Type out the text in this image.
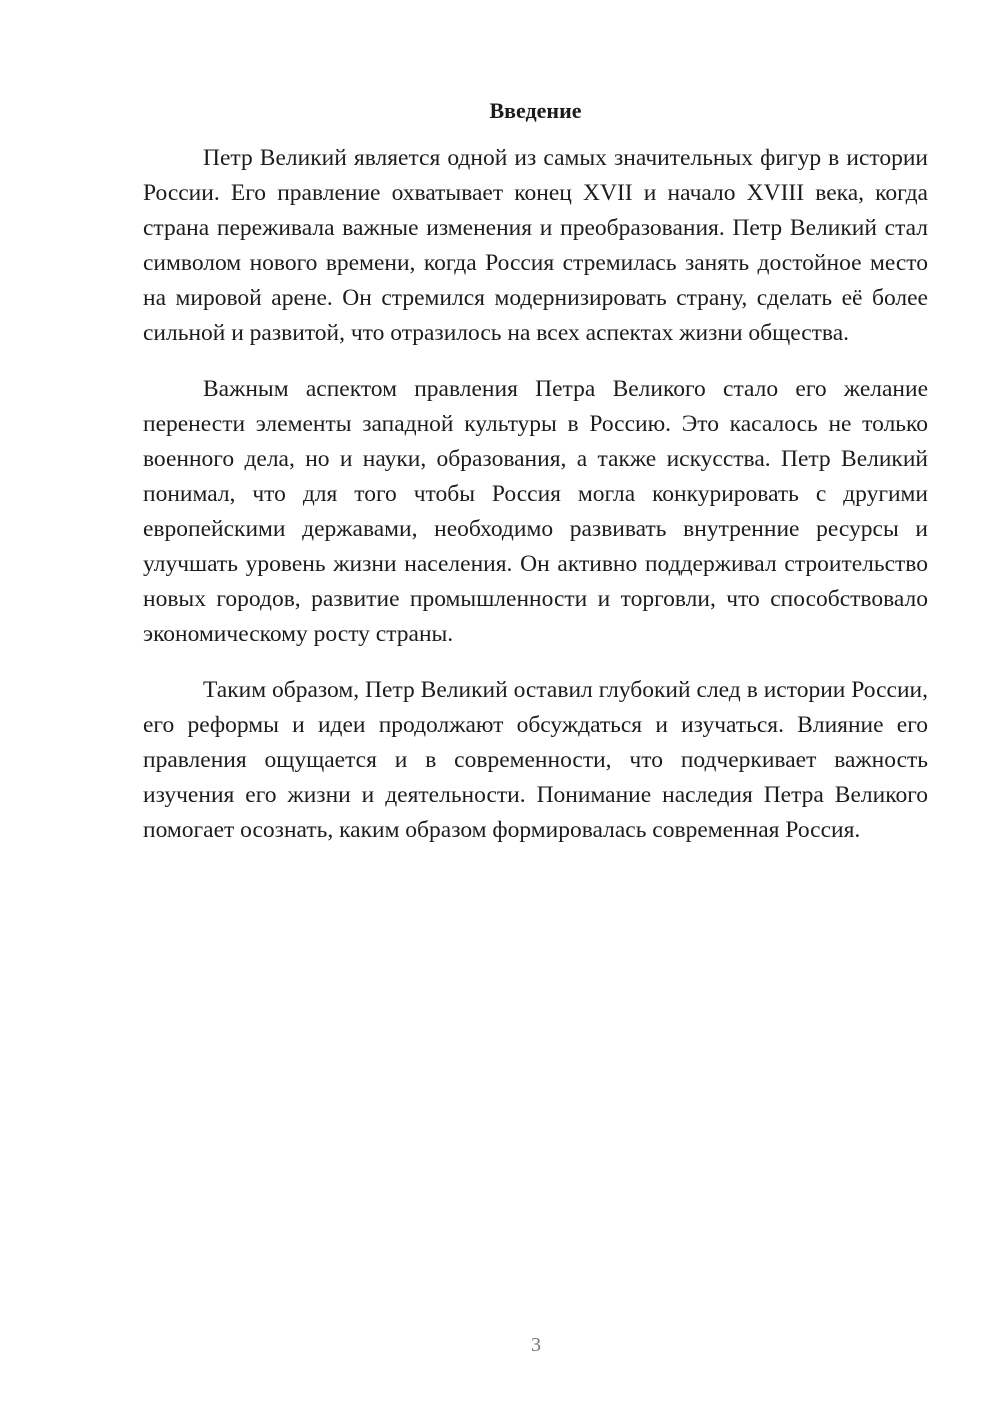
Введение

Петр Великий является одной из самых значительных фигур в истории России. Его правление охватывает конец XVII и начало XVIII века, когда страна переживала важные изменения и преобразования. Петр Великий стал символом нового времени, когда Россия стремилась занять достойное место на мировой арене. Он стремился модернизировать страну, сделать её более сильной и развитой, что отразилось на всех аспектах жизни общества.

Важным аспектом правления Петра Великого стало его желание перенести элементы западной культуры в Россию. Это касалось не только военного дела, но и науки, образования, а также искусства. Петр Великий понимал, что для того чтобы Россия могла конкурировать с другими европейскими державами, необходимо развивать внутренние ресурсы и улучшать уровень жизни населения. Он активно поддерживал строительство новых городов, развитие промышленности и торговли, что способствовало экономическому росту страны.

Таким образом, Петр Великий оставил глубокий след в истории России, его реформы и идеи продолжают обсуждаться и изучаться. Влияние его правления ощущается и в современности, что подчеркивает важность изучения его жизни и деятельности. Понимание наследия Петра Великого помогает осознать, каким образом формировалась современная Россия.

3
